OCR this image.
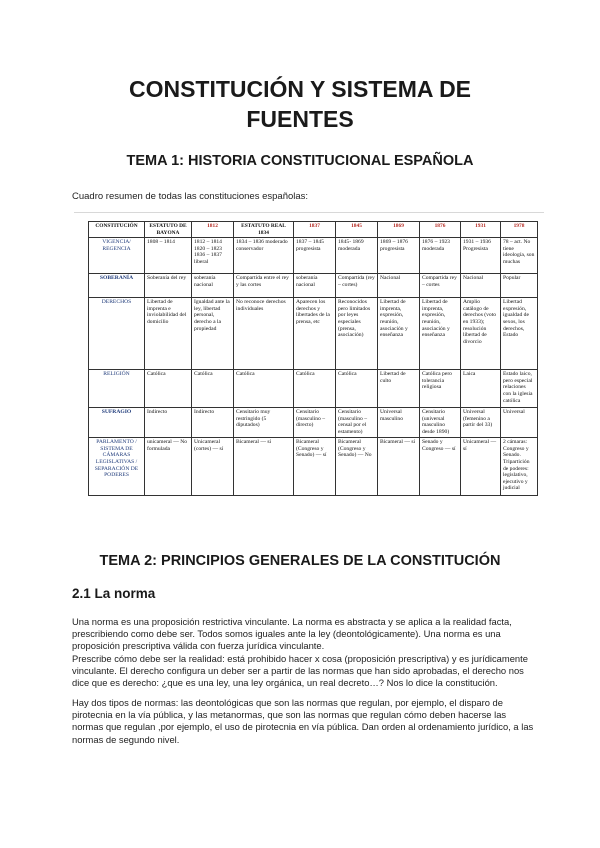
CONSTITUCIÓN Y SISTEMA DE
FUENTES
TEMA 1: HISTORIA CONSTITUCIONAL ESPAÑOLA
Cuadro resumen de todas las constituciones españolas:
CONSTITUCIÓN	ESTATUTO DE BAYONA	1812	ESTATUTO REAL 1834	1837	1845	1869	1876	1931	1978
VIGENCIA/ REGENCIA	1808 – 1814	1812 – 1814 1820 – 1823 1836 – 1837 liberal	1834 – 1836 moderado conservador	1837 – 1845 progresista	1845- 1869 moderada	1869 – 1876 progresista	1876 – 1923 moderada	1931 – 1936 Progresista	78 – act. No tiene ideología, son muchas
SOBERANÍA	Soberanía del rey	soberanía nacional	Compartida entre el rey y las cortes	soberanía nacional	Compartida (rey – cortes)	Nacional	Compartida rey – cortes	Nacional	Popular
DERECHOS	Libertad de imprenta e inviolabilidad del domicilio	Igualdad ante la ley, libertad personal, derecho a la propiedad	No reconoce derechos individuales	Aparecen los derechos y libertades de la prensa, etc	Reconocidos pero limitados por leyes especiales (prensa, asociación)	Libertad de imprenta, expresión, reunión, asociación y enseñanza	Libertad de imprenta, expresión, reunión, asociación y enseñanza	Amplio catálogo de derechos (voto en 1933); resolución libertad de divorcio	Libertad expresión, igualdad de sexos, los derechos, Estado
RELIGIÓN	Católica	Católica	Católica	Católica	Católica	Libertad de culto	Católica pero tolerancia religiosa	Laica	Estado laico, pero especial relaciones con la iglesia católica
SUFRAGIO	Indirecto	Indirecto	Censitario muy restringido (5 diputados)	Censitario (masculino – directo)	Censitario (masculino – censal por el estamento)	Universal masculino	Censitario (universal masculino desde 1890)	Universal (femenino a partir del 33)	Universal
PARLAMENTO / SISTEMA DE CÁMARAS LEGISLATIVAS / SEPARACIÓN DE PODERES	unicameral — No formulada	Unicameral (cortes) — sí	Bicameral — sí	Bicameral (Congreso y Senado) — sí	Bicameral (Congreso y Senado) — No	Bicameral — sí	Senado y Congreso — sí	Unicameral — sí	2 cámaras: Congreso y Senado. Tripartición de poderes: legislativo, ejecutivo y judicial
TEMA 2: PRINCIPIOS GENERALES DE LA CONSTITUCIÓN
2.1 La norma
Una norma es una proposición restrictiva vinculante. La norma es abstracta y se aplica a la realidad facta,
prescribiendo como debe ser. Todos somos iguales ante la ley (deontológicamente). Una norma es una
proposición prescriptiva válida con fuerza jurídica vinculante.
Prescribe cómo debe ser la realidad: está prohibido hacer x cosa (proposición prescriptiva) y es jurídicamente
vinculante. El derecho configura un deber ser a partir de las normas que han sido aprobadas, el derecho nos
dice que es derecho: ¿que es una ley, una ley orgánica, un real decreto…? Nos lo dice la constitución.
Hay dos tipos de normas: las deontológicas que son las normas que regulan, por ejemplo, el disparo de
pirotecnia en la vía pública, y las metanormas, que son las normas que regulan cómo deben hacerse las
normas que regulan ,por ejemplo, el uso de pirotecnia en vía pública. Dan orden al ordenamiento jurídico, a las
normas de segundo nivel.
